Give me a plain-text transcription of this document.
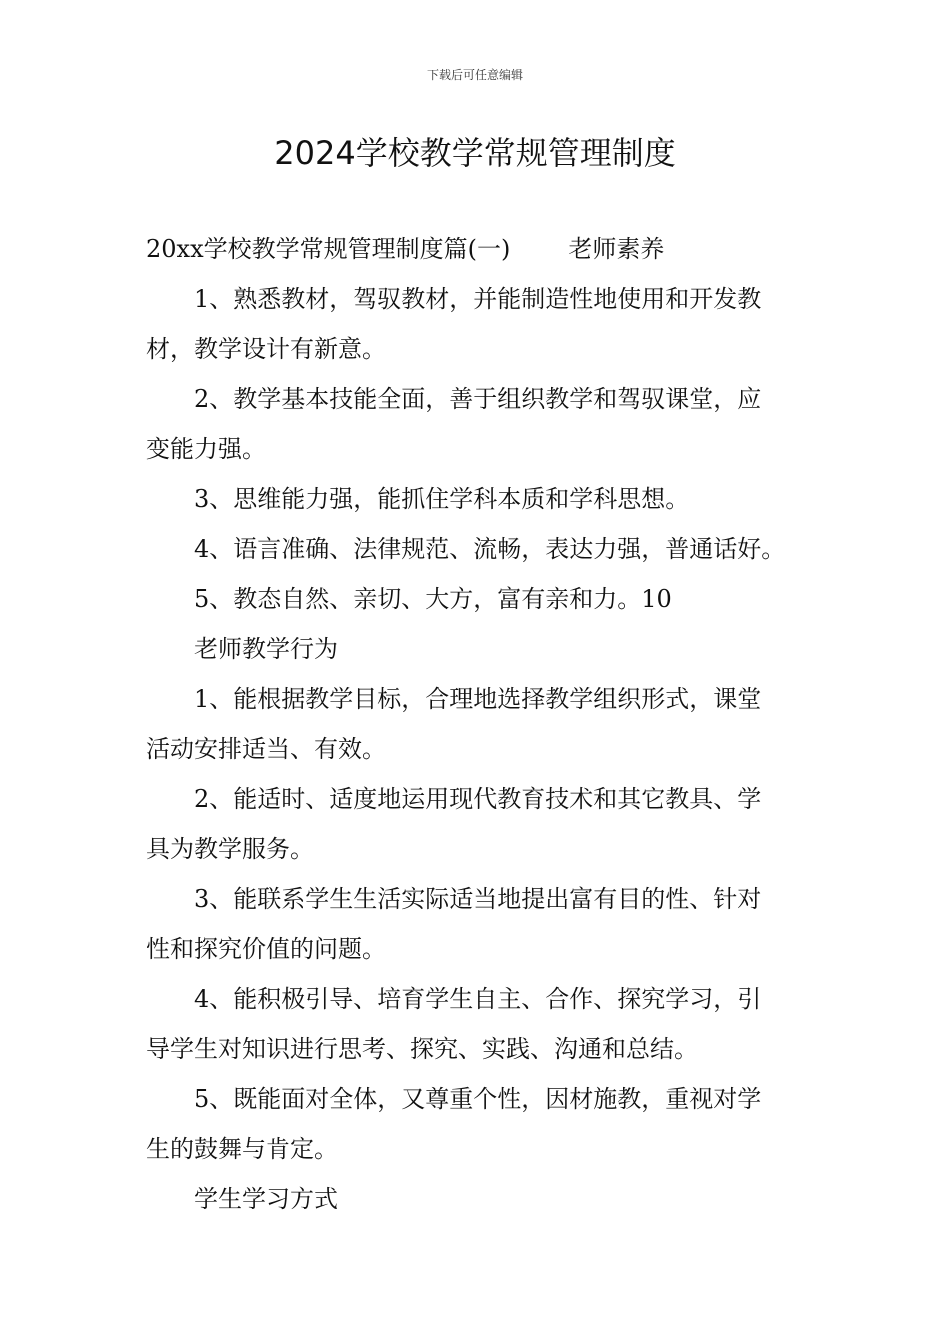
下载后可任意编辑
2024学校教学常规管理制度
20xx学校教学常规管理制度篇(一) 老师素养
1、熟悉教材，驾驭教材，并能制造性地使用和开发教
材，教学设计有新意。
2、教学基本技能全面，善于组织教学和驾驭课堂，应
变能力强。
3、思维能力强，能抓住学科本质和学科思想。
4、语言准确、法律规范、流畅，表达力强，普通话好。
5、教态自然、亲切、大方，富有亲和力。10
老师教学行为
1、能根据教学目标，合理地选择教学组织形式，课堂
活动安排适当、有效。
2、能适时、适度地运用现代教育技术和其它教具、学
具为教学服务。
3、能联系学生生活实际适当地提出富有目的性、针对
性和探究价值的问题。
4、能积极引导、培育学生自主、合作、探究学习，引
导学生对知识进行思考、探究、实践、沟通和总结。
5、既能面对全体，又尊重个性，因材施教，重视对学
生的鼓舞与肯定。
学生学习方式
